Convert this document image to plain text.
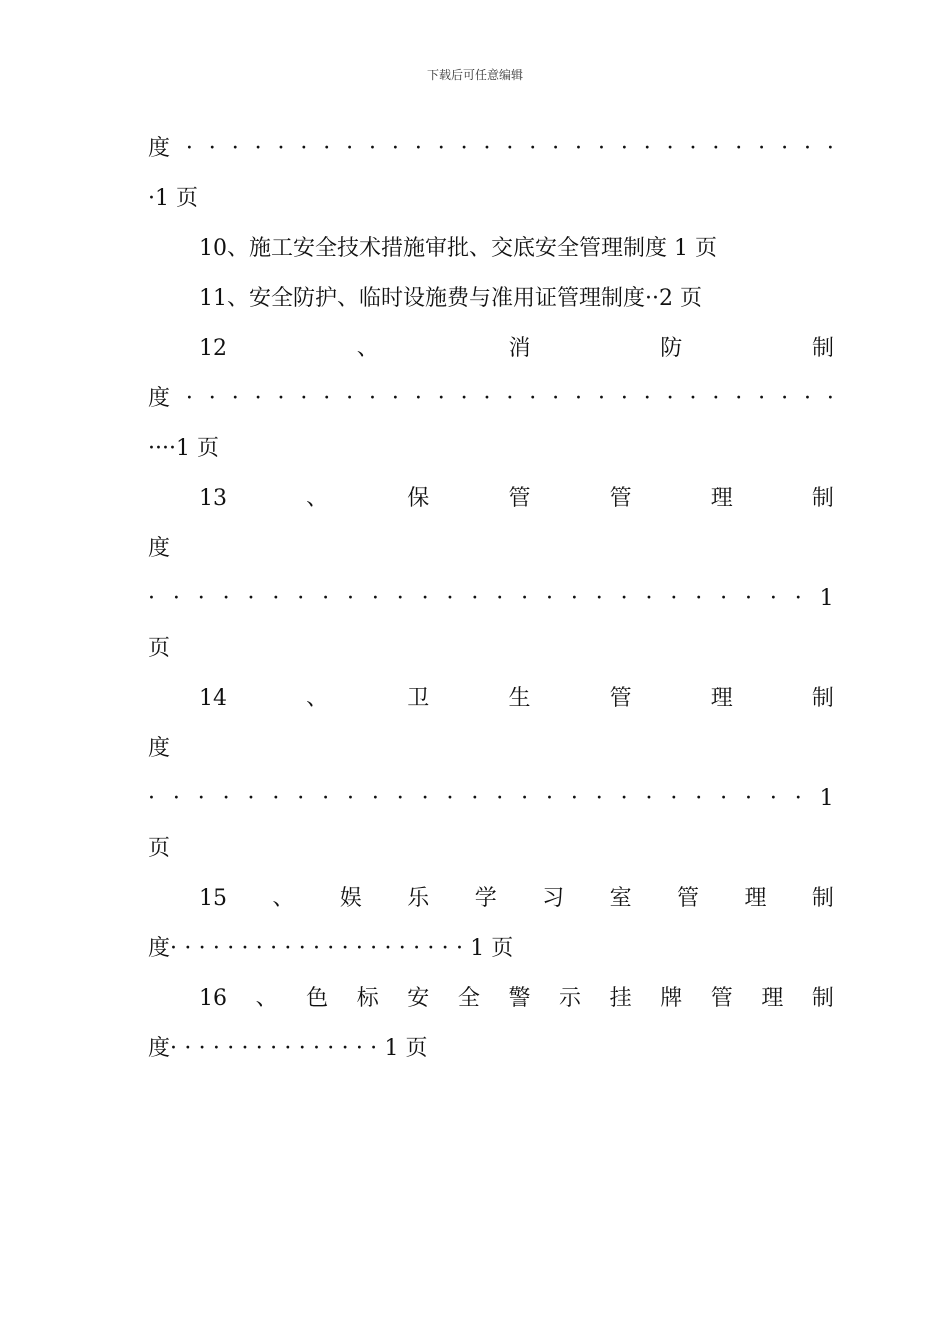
下载后可任意编辑
度 · · · · · · · · · · · · · · · · · · · · · · · · · · · · ·
·1 页
10、施工安全技术措施审批、交底安全管理制度 1 页
11、安全防护、临时设施费与准用证管理制度··2 页
12	、	消	防	制
度 · · · · · · · · · · · · · · · · · · · · · · · · · · · · ·
····1 页
13	、	保	管	管	理	制
度
· · · · · · · · · · · · · · · · · · · · · · · · · · · 1
页
14	、	卫	生	管	理	制
度
· · · · · · · · · · · · · · · · · · · · · · · · · · · 1
页
15 、 娱 乐 学 习 室 管 理 制
度 · · · · · · · · · · · · · · · · · · · · · 1
页
16 、 色 标 安 全 警 示 挂 牌 管 理 制
度 · · · · · · · · · · · · · · · 1
页
